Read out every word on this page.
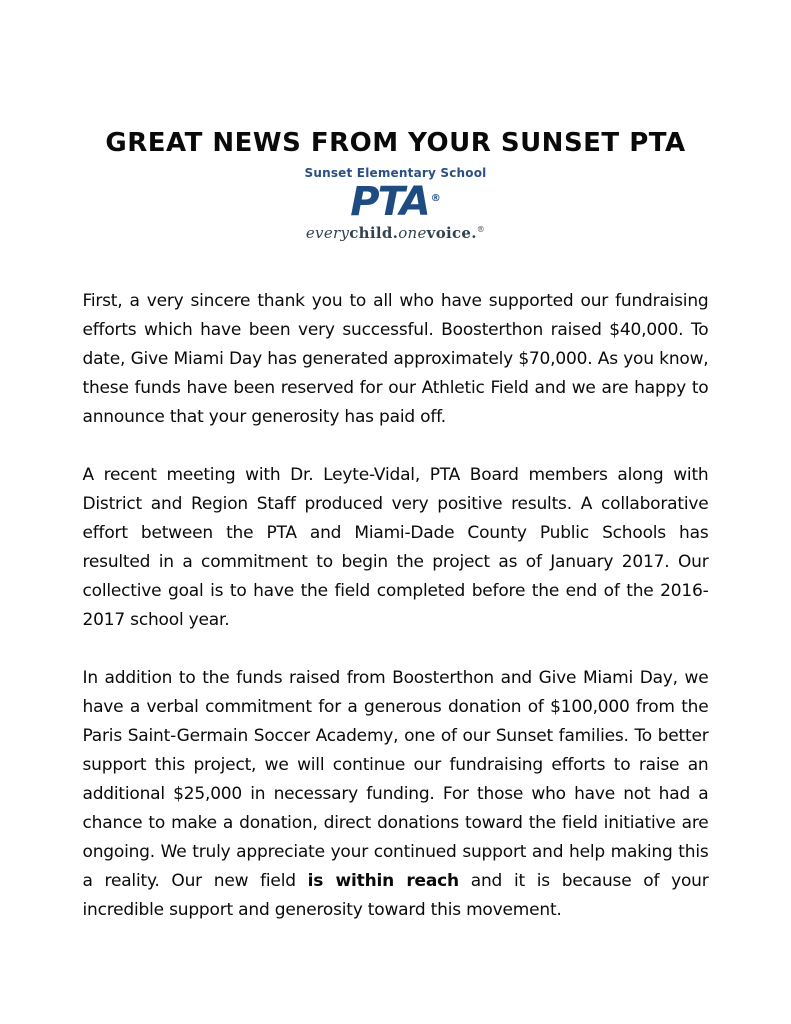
GREAT NEWS FROM YOUR SUNSET PTA
Sunset Elementary School
PTA ®
everychild.onevoice.®

First, a very sincere thank you to all who have supported our fundraising efforts which have been very successful. Boosterthon raised $40,000. To date, Give Miami Day has generated approximately $70,000. As you know, these funds have been reserved for our Athletic Field and we are happy to announce that your generosity has paid off.

A recent meeting with Dr. Leyte-Vidal, PTA Board members along with District and Region Staff produced very positive results. A collaborative effort between the PTA and Miami-Dade County Public Schools has resulted in a commitment to begin the project as of January 2017. Our collective goal is to have the field completed before the end of the 2016-2017 school year.

In addition to the funds raised from Boosterthon and Give Miami Day, we have a verbal commitment for a generous donation of $100,000 from the Paris Saint-Germain Soccer Academy, one of our Sunset families. To better support this project, we will continue our fundraising efforts to raise an additional $25,000 in necessary funding. For those who have not had a chance to make a donation, direct donations toward the field initiative are ongoing. We truly appreciate your continued support and help making this a reality. Our new field is within reach and it is because of your incredible support and generosity toward this movement.
